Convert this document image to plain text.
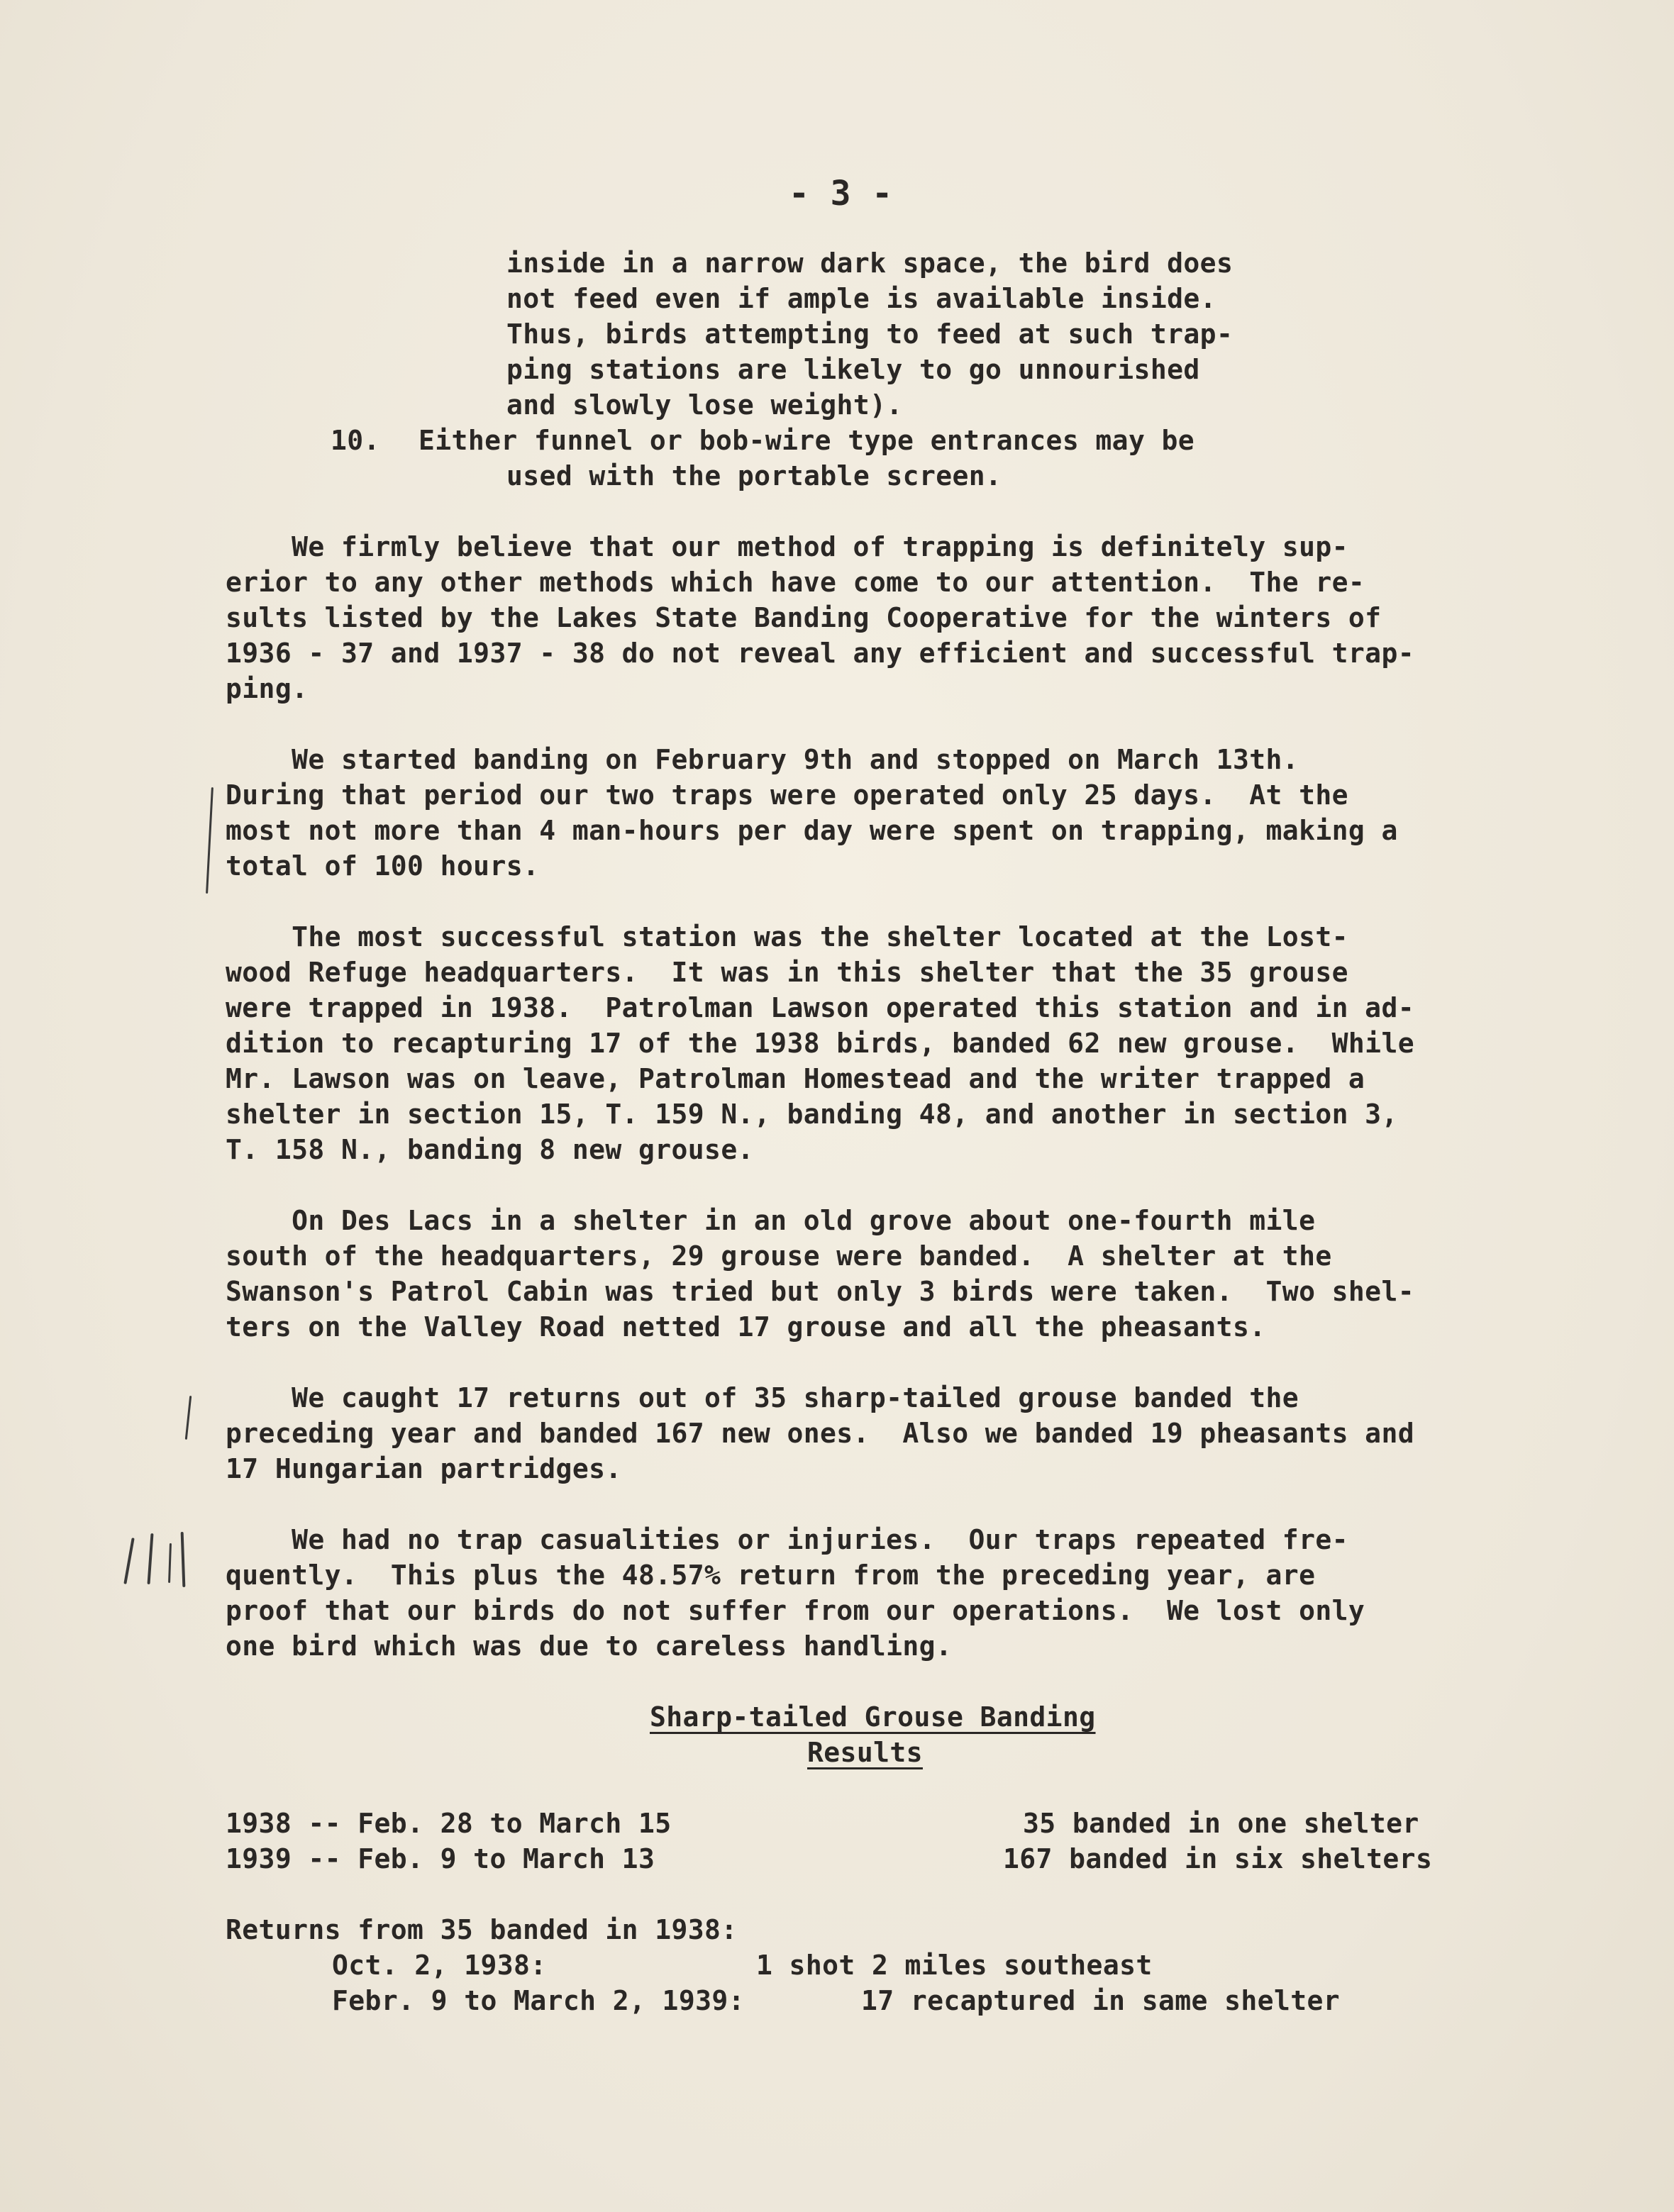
- 3 -
inside in a narrow dark space, the bird does
not feed even if ample is available inside.
Thus, birds attempting to feed at such trap-
ping stations are likely to go unnourished
and slowly lose weight).
10. Either funnel or bob-wire type entrances may be
used with the portable screen.
We firmly believe that our method of trapping is definitely sup-
erior to any other methods which have come to our attention.  The re-
sults listed by the Lakes State Banding Cooperative for the winters of
1936 - 37 and 1937 - 38 do not reveal any efficient and successful trap-
ping.
We started banding on February 9th and stopped on March 13th.
During that period our two traps were operated only 25 days.  At the
most not more than 4 man-hours per day were spent on trapping, making a
total of 100 hours.
The most successful station was the shelter located at the Lost-
wood Refuge headquarters.  It was in this shelter that the 35 grouse
were trapped in 1938.  Patrolman Lawson operated this station and in ad-
dition to recapturing 17 of the 1938 birds, banded 62 new grouse.  While
Mr. Lawson was on leave, Patrolman Homestead and the writer trapped a
shelter in section 15, T. 159 N., banding 48, and another in section 3,
T. 158 N., banding 8 new grouse.
On Des Lacs in a shelter in an old grove about one-fourth mile
south of the headquarters, 29 grouse were banded.  A shelter at the
Swanson's Patrol Cabin was tried but only 3 birds were taken.  Two shel-
ters on the Valley Road netted 17 grouse and all the pheasants.
We caught 17 returns out of 35 sharp-tailed grouse banded the
preceding year and banded 167 new ones.  Also we banded 19 pheasants and
17 Hungarian partridges.
We had no trap casualities or injuries.  Our traps repeated fre-
quently.  This plus the 48.57% return from the preceding year, are
proof that our birds do not suffer from our operations.  We lost only
one bird which was due to careless handling.
Sharp-tailed Grouse Banding
Results
1938 -- Feb. 28 to March 15	35 banded in one shelter
1939 -- Feb. 9 to March 13	167 banded in six shelters
Returns from 35 banded in 1938:
Oct. 2, 1938:	1 shot 2 miles southeast
Febr. 9 to March 2, 1939:	17 recaptured in same shelter
